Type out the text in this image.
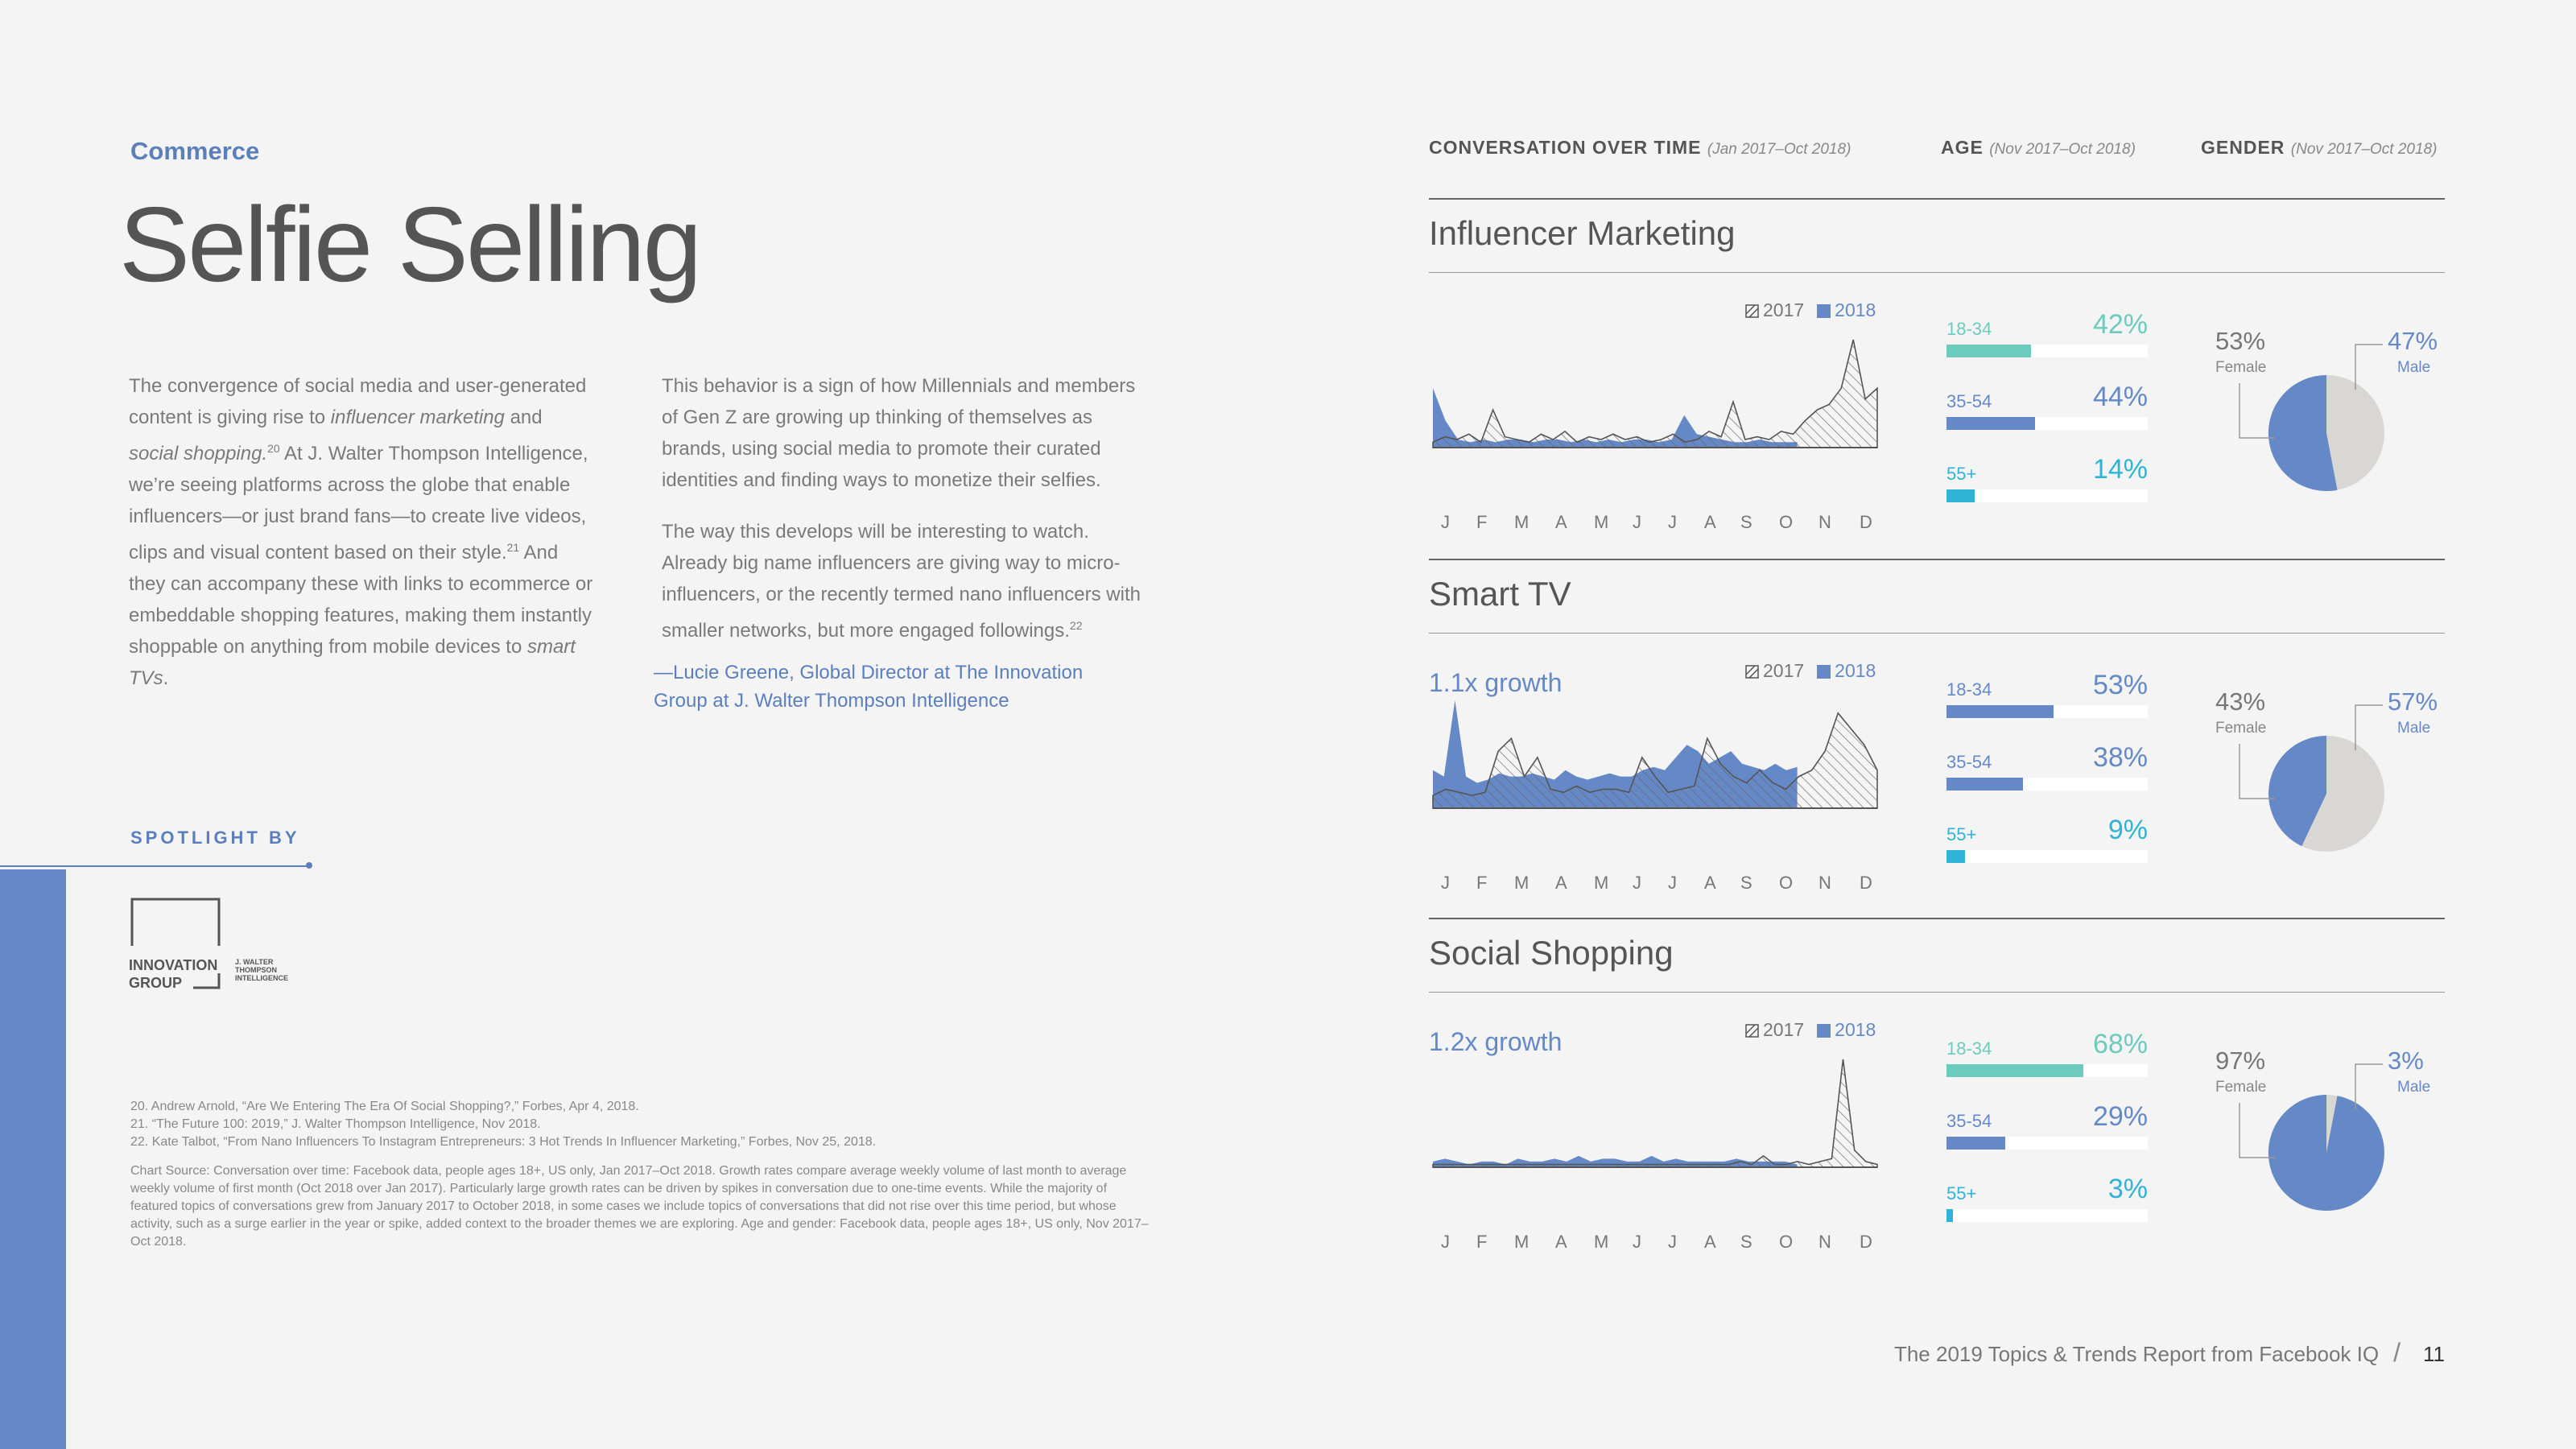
Commerce
Selfie Selling

The convergence of social media and user-generated content is giving rise to influencer marketing and social shopping.$^{20}$ At J. Walter Thompson Intelligence, we’re seeing platforms across the globe that enable influencers—or just brand fans—to create live videos, clips and visual content based on their style.$^{21}$ And they can accompany these with links to ecommerce or embeddable shopping features, making them instantly shoppable on anything from mobile devices to smart TVs.

This behavior is a sign of how Millennials and members of Gen Z are growing up thinking of themselves as brands, using social media to promote their curated identities and finding ways to monetize their selfies.

The way this develops will be interesting to watch. Already big name influencers are giving way to micro-influencers, or the recently termed nano influencers with smaller networks, but more engaged followings.$^{22}$

—Lucie Greene, Global Director at The Innovation Group at J. Walter Thompson Intelligence
SPOTLIGHT BY
INNOVATION
GROUP
J. WALTER
THOMPSON
INTELLIGENCE
20. Andrew Arnold, “Are We Entering The Era Of Social Shopping?,” Forbes, Apr 4, 2018.
21. “The Future 100: 2019,” J. Walter Thompson Intelligence, Nov 2018.
22. Kate Talbot, “From Nano Influencers To Instagram Entrepreneurs: 3 Hot Trends In Influencer Marketing,” Forbes, Nov 25, 2018.
Chart Source: Conversation over time: Facebook data, people ages 18+, US only, Jan 2017–Oct 2018. Growth rates compare average weekly volume of last month to average weekly volume of first month (Oct 2018 over Jan 2017). Particularly large growth rates can be driven by spikes in conversation due to one-time events. While the majority of featured topics of conversations grew from January 2017 to October 2018, in some cases we include topics of conversations that did not rise over this time period, but whose activity, such as a surge earlier in the year or spike, added context to the broader themes we are exploring. Age and gender: Facebook data, people ages 18+, US only, Nov 2017–Oct 2018.
CONVERSATION OVER TIME (Jan 2017–Oct 2018)	AGE (Nov 2017–Oct 2018)	GENDER (Nov 2017–Oct 2018)
Influencer Marketing
2017 2018
J F M A M J J A S O N D
18-34	42%
35-54	44%
55+	14%
53%
Female
47%
Male
Smart TV
1.1x growth	2017 2018
J F M A M J J A S O N D
18-34	53%
35-54	38%
55+	9%
43%
Female
57%
Male
Social Shopping
1.2x growth	2017 2018
J F M A M J J A S O N D
18-34	68%
35-54	29%
55+	3%
97%
Female
3%
Male
The 2019 Topics & Trends Report from Facebook IQ / 11
